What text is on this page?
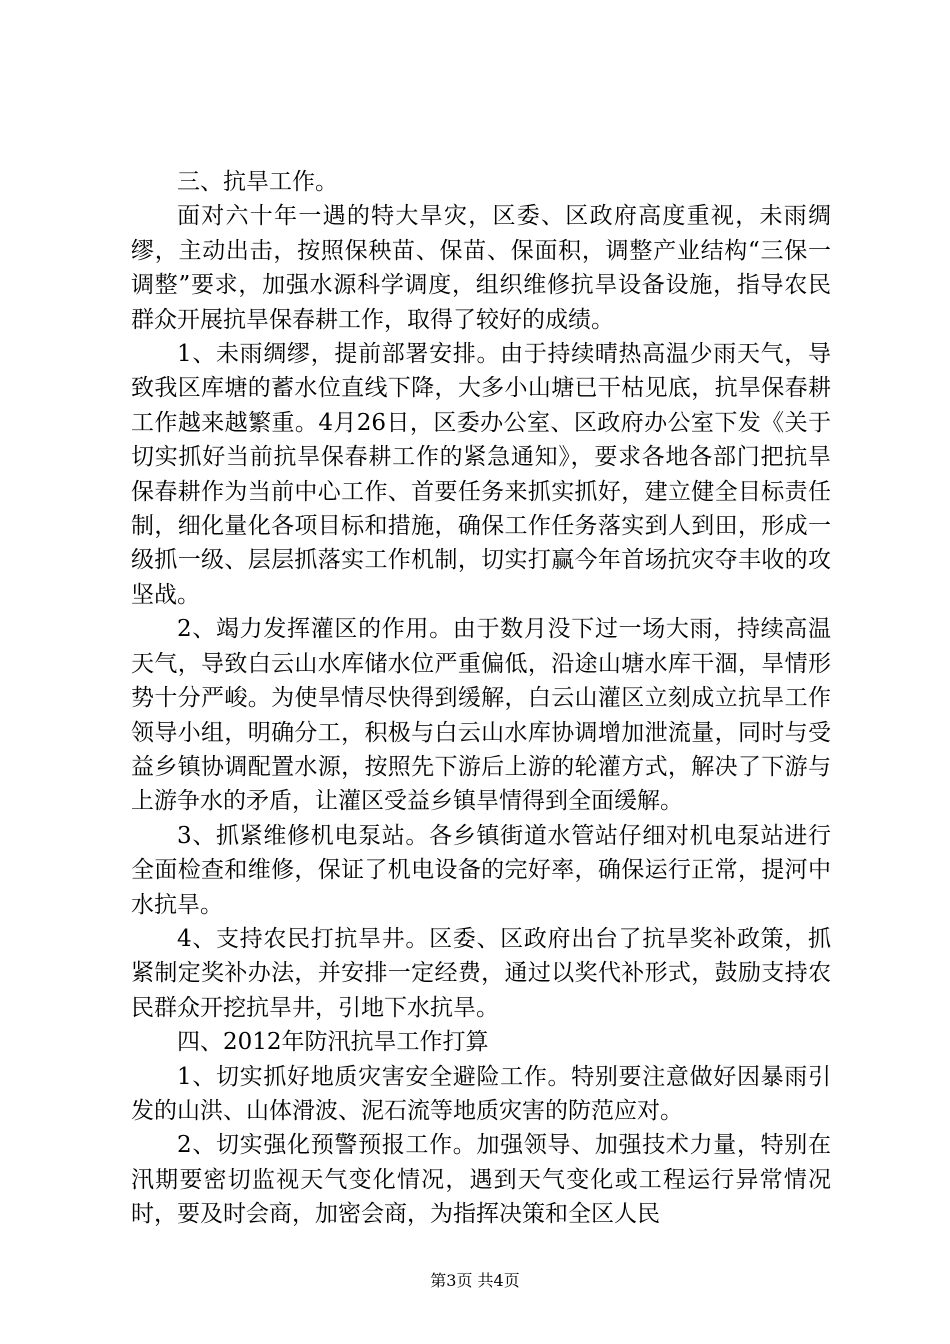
三、抗旱工作。

面对六十年一遇的特大旱灾，区委、区政府高度重视，未雨绸缪，主动出击，按照保秧苗、保苗、保面积，调整产业结构“三保一调整”要求，加强水源科学调度，组织维修抗旱设备设施，指导农民群众开展抗旱保春耕工作，取得了较好的成绩。

1、未雨绸缪，提前部署安排。由于持续晴热高温少雨天气，导致我区库塘的蓄水位直线下降，大多小山塘已干枯见底，抗旱保春耕工作越来越繁重。4月26日，区委办公室、区政府办公室下发《关于切实抓好当前抗旱保春耕工作的紧急通知》，要求各地各部门把抗旱保春耕作为当前中心工作、首要任务来抓实抓好，建立健全目标责任制，细化量化各项目标和措施，确保工作任务落实到人到田，形成一级抓一级、层层抓落实工作机制，切实打赢今年首场抗灾夺丰收的攻坚战。

2、竭力发挥灌区的作用。由于数月没下过一场大雨，持续高温天气，导致白云山水库储水位严重偏低，沿途山塘水库干涸，旱情形势十分严峻。为使旱情尽快得到缓解，白云山灌区立刻成立抗旱工作领导小组，明确分工，积极与白云山水库协调增加泄流量，同时与受益乡镇协调配置水源，按照先下游后上游的轮灌方式，解决了下游与上游争水的矛盾，让灌区受益乡镇旱情得到全面缓解。

3、抓紧维修机电泵站。各乡镇街道水管站仔细对机电泵站进行全面检查和维修，保证了机电设备的完好率，确保运行正常，提河中水抗旱。

4、支持农民打抗旱井。区委、区政府出台了抗旱奖补政策，抓紧制定奖补办法，并安排一定经费，通过以奖代补形式，鼓励支持农民群众开挖抗旱井，引地下水抗旱。

四、2012年防汛抗旱工作打算

1、切实抓好地质灾害安全避险工作。特别要注意做好因暴雨引发的山洪、山体滑波、泥石流等地质灾害的防范应对。

2、切实强化预警预报工作。加强领导、加强技术力量，特别在汛期要密切监视天气变化情况，遇到天气变化或工程运行异常情况时，要及时会商，加密会商，为指挥决策和全区人民

第3页 共4页
